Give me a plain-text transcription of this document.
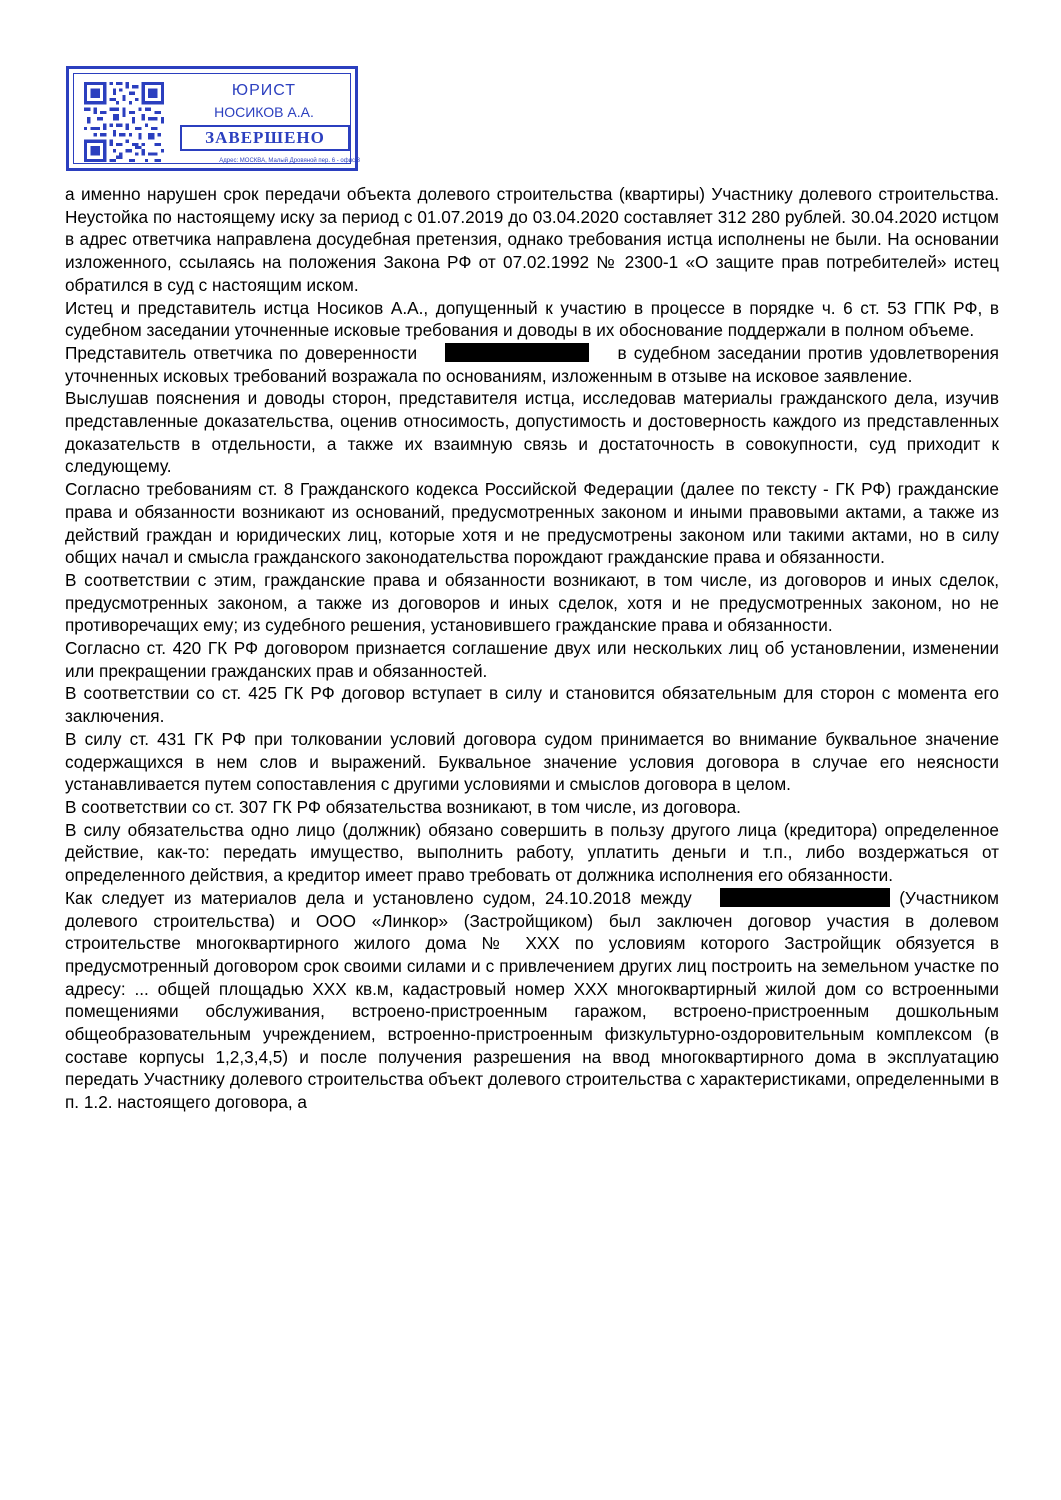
ЮРИСТ
НОСИКОВ А.А.
ЗАВЕРШЕНО
Адрес: МОСКВА, Малый Дровяной пер. 6 - офис 3

а именно нарушен срок передачи объекта долевого строительства (квартиры) Участнику долевого строительства. Неустойка по настоящему иску за период с 01.07.2019 до 03.04.2020 составляет 312 280 рублей. 30.04.2020 истцом в адрес ответчика направлена досудебная претензия, однако требования истца исполнены не были. На основании изложенного, ссылаясь на положения Закона РФ от 07.02.1992 № 2300-1 «О защите прав потребителей» истец обратился в суд с настоящим иском.

Истец и представитель истца Носиков А.А., допущенный к участию в процессе в порядке ч. 6 ст. 53 ГПК РФ, в судебном заседании уточненные исковые требования и доводы в их обоснование поддержали в полном объеме.

Представитель ответчика по доверенности	в судебном заседании против удовлетворения уточненных исковых требований возражала по основаниям, изложенным в отзыве на исковое заявление.

Выслушав пояснения и доводы сторон, представителя истца, исследовав материалы гражданского дела, изучив представленные доказательства, оценив относимость, допустимость и достоверность каждого из представленных доказательств в отдельности, а также их взаимную связь и достаточность в совокупности, суд приходит к следующему.

Согласно требованиям ст. 8 Гражданского кодекса Российской Федерации (далее по тексту - ГК РФ) гражданские права и обязанности возникают из оснований, предусмотренных законом и иными правовыми актами, а также из действий граждан и юридических лиц, которые хотя и не предусмотрены законом или такими актами, но в силу общих начал и смысла гражданского законодательства порождают гражданские права и обязанности.

В соответствии с этим, гражданские права и обязанности возникают, в том числе, из договоров и иных сделок, предусмотренных законом, а также из договоров и иных сделок, хотя и не предусмотренных законом, но не противоречащих ему; из судебного решения, установившего гражданские права и обязанности.

Согласно ст. 420 ГК РФ договором признается соглашение двух или нескольких лиц об установлении, изменении или прекращении гражданских прав и обязанностей.

В соответствии со ст. 425 ГК РФ договор вступает в силу и становится обязательным для сторон с момента его заключения.

В силу ст. 431 ГК РФ при толковании условий договора судом принимается во внимание буквальное значение содержащихся в нем слов и выражений. Буквальное значение условия договора в случае его неясности устанавливается путем сопоставления с другими условиями и смыслов договора в целом.

В соответствии со ст. 307 ГК РФ обязательства возникают, в том числе, из договора.

В силу обязательства одно лицо (должник) обязано совершить в пользу другого лица (кредитора) определенное действие, как-то: передать имущество, выполнить работу, уплатить деньги и т.п., либо воздержаться от определенного действия, а кредитор имеет право требовать от должника исполнения его обязанности.

Как следует из материалов дела и установлено судом, 24.10.2018 между	(Участником долевого строительства) и ООО «Линкор» (Застройщиком) был заключен договор участия в долевом строительстве многоквартирного жилого дома № ХХХ по условиям которого Застройщик обязуется в предусмотренный договором срок своими силами и с привлечением других лиц построить на земельном участке по адресу: ... общей площадью ХХХ кв.м, кадастровый номер ХХХ многоквартирный жилой дом со встроенными помещениями обслуживания, встроено-пристроенным гаражом, встроено-пристроенным дошкольным общеобразовательным учреждением, встроенно-пристроенным физкультурно-оздоровительным комплексом (в составе корпусы 1,2,3,4,5) и после получения разрешения на ввод многоквартирного дома в эксплуатацию передать Участнику долевого строительства объект долевого строительства с характеристиками, определенными в п. 1.2. настоящего договора, а
